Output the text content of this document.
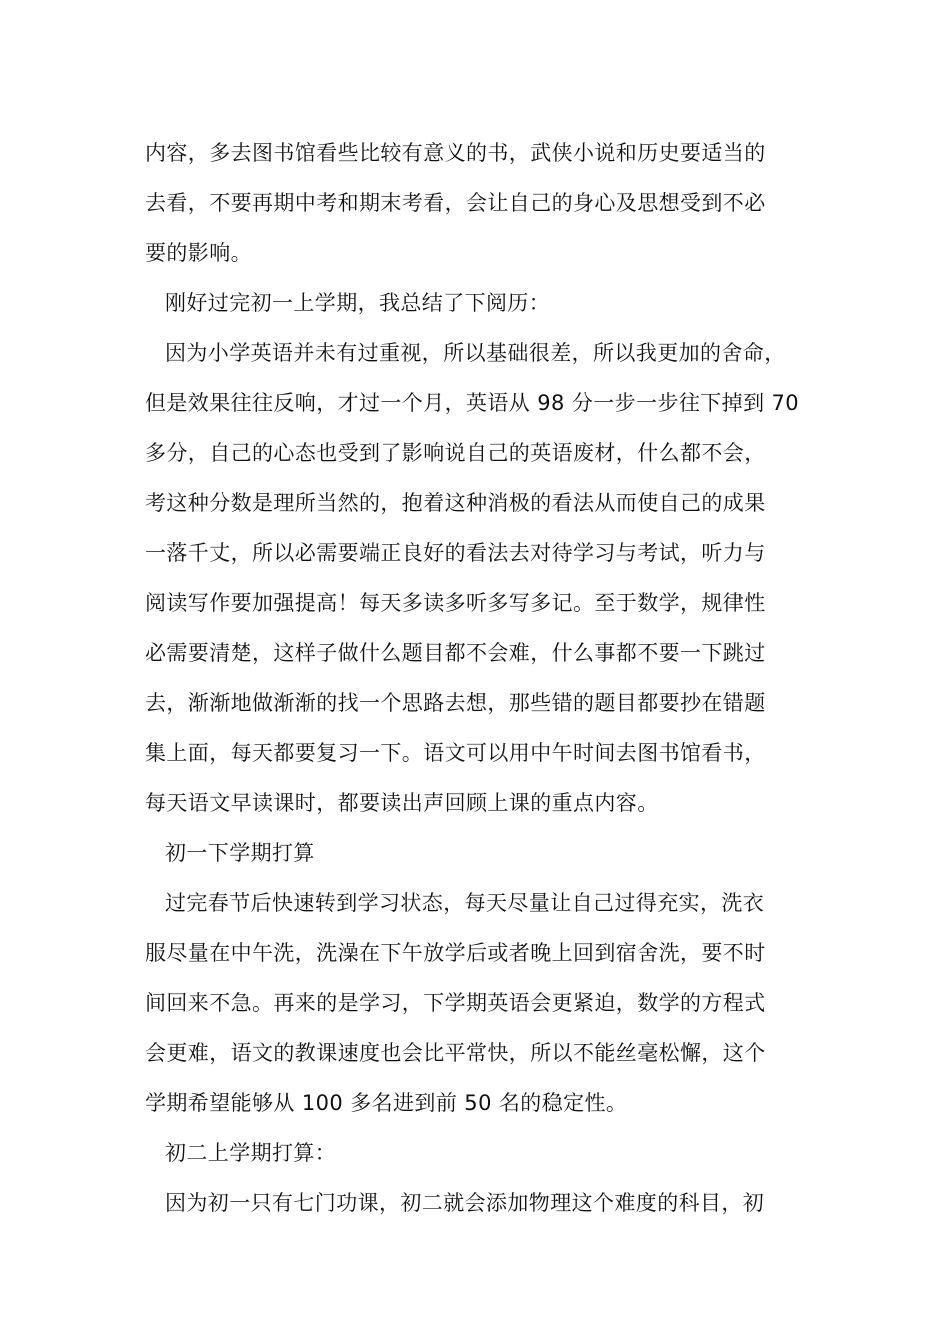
内容，多去图书馆看些比较有意义的书，武侠小说和历史要适当的
去看，不要再期中考和期末考看，会让自己的身心及思想受到不必
要的影响。
刚好过完初一上学期，我总结了下阅历：
因为小学英语并未有过重视，所以基础很差，所以我更加的舍命，
但是效果往往反响，才过一个月，英语从 98 分一步一步往下掉到 70
多分，自己的心态也受到了影响说自己的英语废材，什么都不会，
考这种分数是理所当然的，抱着这种消极的看法从而使自己的成果
一落千丈，所以必需要端正良好的看法去对待学习与考试，听力与
阅读写作要加强提高！每天多读多听多写多记。至于数学，规律性
必需要清楚，这样子做什么题目都不会难，什么事都不要一下跳过
去，渐渐地做渐渐的找一个思路去想，那些错的题目都要抄在错题
集上面，每天都要复习一下。语文可以用中午时间去图书馆看书，
每天语文早读课时，都要读出声回顾上课的重点内容。
初一下学期打算
过完春节后快速转到学习状态，每天尽量让自己过得充实，洗衣
服尽量在中午洗，洗澡在下午放学后或者晚上回到宿舍洗，要不时
间回来不急。再来的是学习，下学期英语会更紧迫，数学的方程式
会更难，语文的教课速度也会比平常快，所以不能丝毫松懈，这个
学期希望能够从 100 多名进到前 50 名的稳定性。
初二上学期打算：
因为初一只有七门功课，初二就会添加物理这个难度的科目，初
